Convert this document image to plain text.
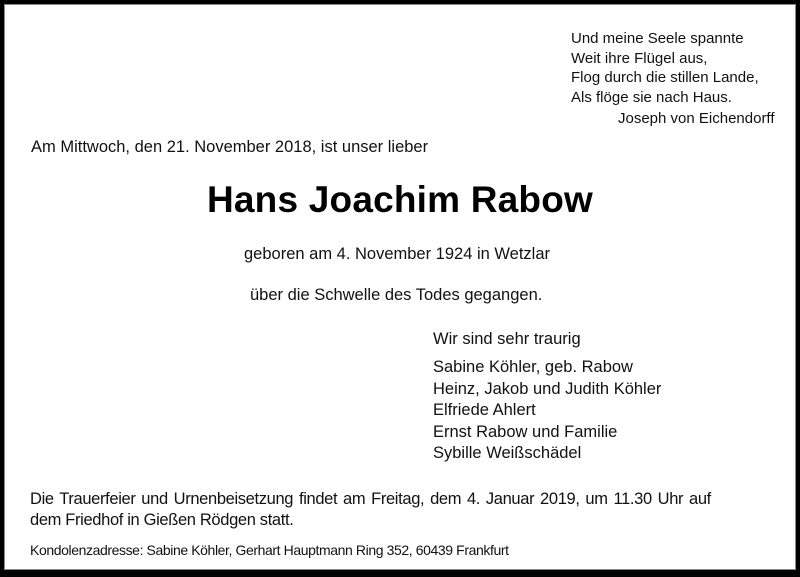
Und meine Seele spannte
Weit ihre Flügel aus,
Flog durch die stillen Lande,
Als flöge sie nach Haus.
Joseph von Eichendorff
Am Mittwoch, den 21. November 2018, ist unser lieber
Hans Joachim Rabow
geboren am 4. November 1924 in Wetzlar
über die Schwelle des Todes gegangen.
Wir sind sehr traurig
Sabine Köhler, geb. Rabow
Heinz, Jakob und Judith Köhler
Elfriede Ahlert
Ernst Rabow und Familie
Sybille Weißschädel
Die Trauerfeier und Urnenbeisetzung findet am Freitag, dem 4. Januar 2019, um 11.30 Uhr auf
dem Friedhof in Gießen Rödgen statt.
Kondolenzadresse: Sabine Köhler, Gerhart Hauptmann Ring 352, 60439 Frankfurt
